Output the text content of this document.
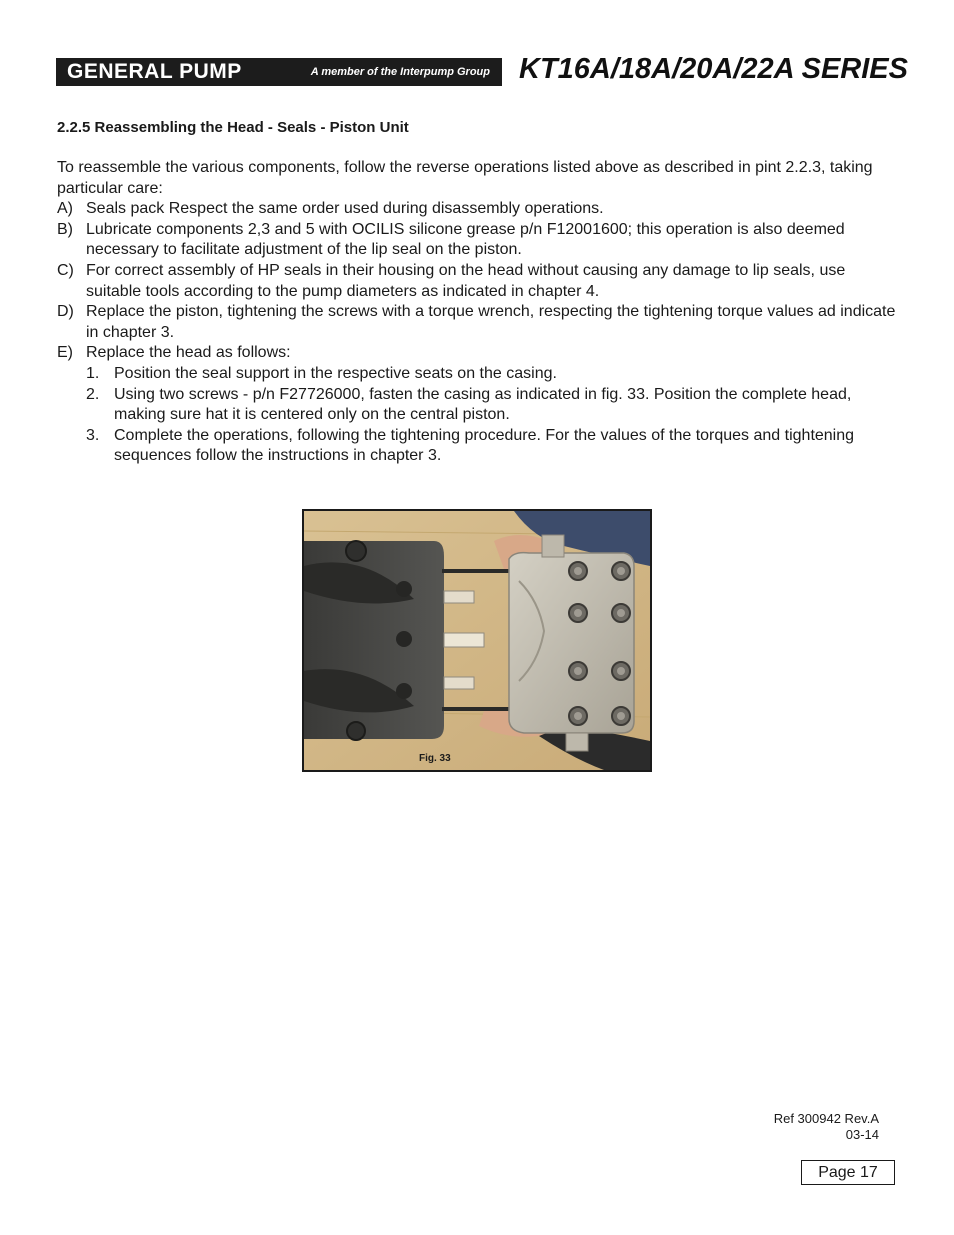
GENERAL PUMP	A member of the Interpump Group KT16A/18A/20A/22A SERIES
2.2.5 Reassembling the Head - Seals - Piston Unit

To reassemble the various components, follow the reverse operations listed above as described in pint 2.2.3, taking particular care:

A) Seals pack Respect the same order used during disassembly operations.
B) Lubricate components 2,3 and 5 with OCILIS silicone grease p/n F12001600; this operation is also deemed necessary to facilitate adjustment of the lip seal on the piston.
C) For correct assembly of HP seals in their housing on the head without causing any damage to lip seals, use suitable tools according to the pump diameters as indicated in chapter 4.
D) Replace the piston, tightening the screws with a torque wrench, respecting the tightening torque values ad indicate in chapter 3.
E) Replace the head as follows:
1. Position the seal support in the respective seats on the casing.
2. Using two screws - p/n F27726000, fasten the casing as indicated in fig. 33. Position the complete head, making sure hat it is centered only on the central piston.
3. Complete the operations, following the tightening procedure. For the values of the torques and tightening sequences follow the instructions in chapter 3.
Fig. 33
Ref 300942 Rev.A
03-14
Page 17
